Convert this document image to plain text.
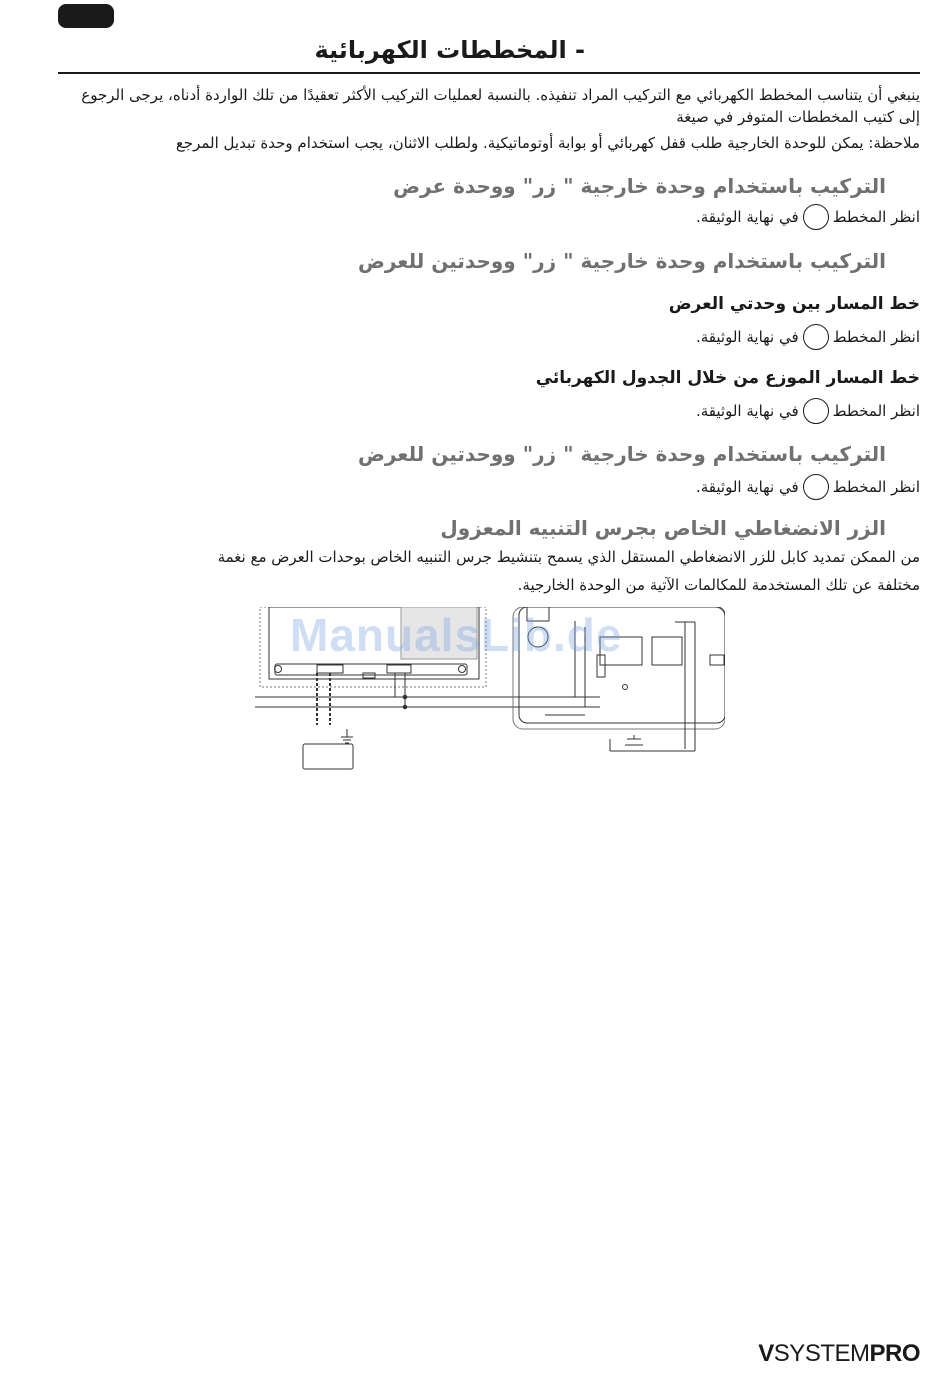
- المخططات الكهربائية
ينبغي أن يتناسب المخطط الكهربائي مع التركيب المراد تنفيذه. بالنسبة لعمليات التركيب الأكثر تعقيدًا من تلك الواردة أدناه، يرجى الرجوع
إلى كتيب المخططات المتوفر في صيغة
ملاحظة: يمكن للوحدة الخارجية طلب قفل كهربائي أو بوابة أوتوماتيكية. ولطلب الاثنان، يجب استخدام وحدة تبديل المرجع
التركيب باستخدام وحدة خارجية " زر" ووحدة عرض
انظر المخطط
في نهاية الوثيقة.
التركيب باستخدام وحدة خارجية " زر" ووحدتين للعرض
خط المسار بين وحدتي العرض
انظر المخطط
في نهاية الوثيقة.
خط المسار الموزع من خلال الجدول الكهربائي
انظر المخطط
في نهاية الوثيقة.
التركيب باستخدام وحدة خارجية " زر" ووحدتين للعرض
انظر المخطط
في نهاية الوثيقة.
الزر الانضغاطي الخاص بجرس التنبيه المعزول
من الممكن تمديد كابل للزر الانضغاطي المستقل الذي يسمح بتنشيط جرس التنبيه الخاص بوحدات العرض مع نغمة
مختلفة عن تلك المستخدمة للمكالمات الآتية من الوحدة الخارجية.
ManualsLib.de
VSYSTEMPRO
